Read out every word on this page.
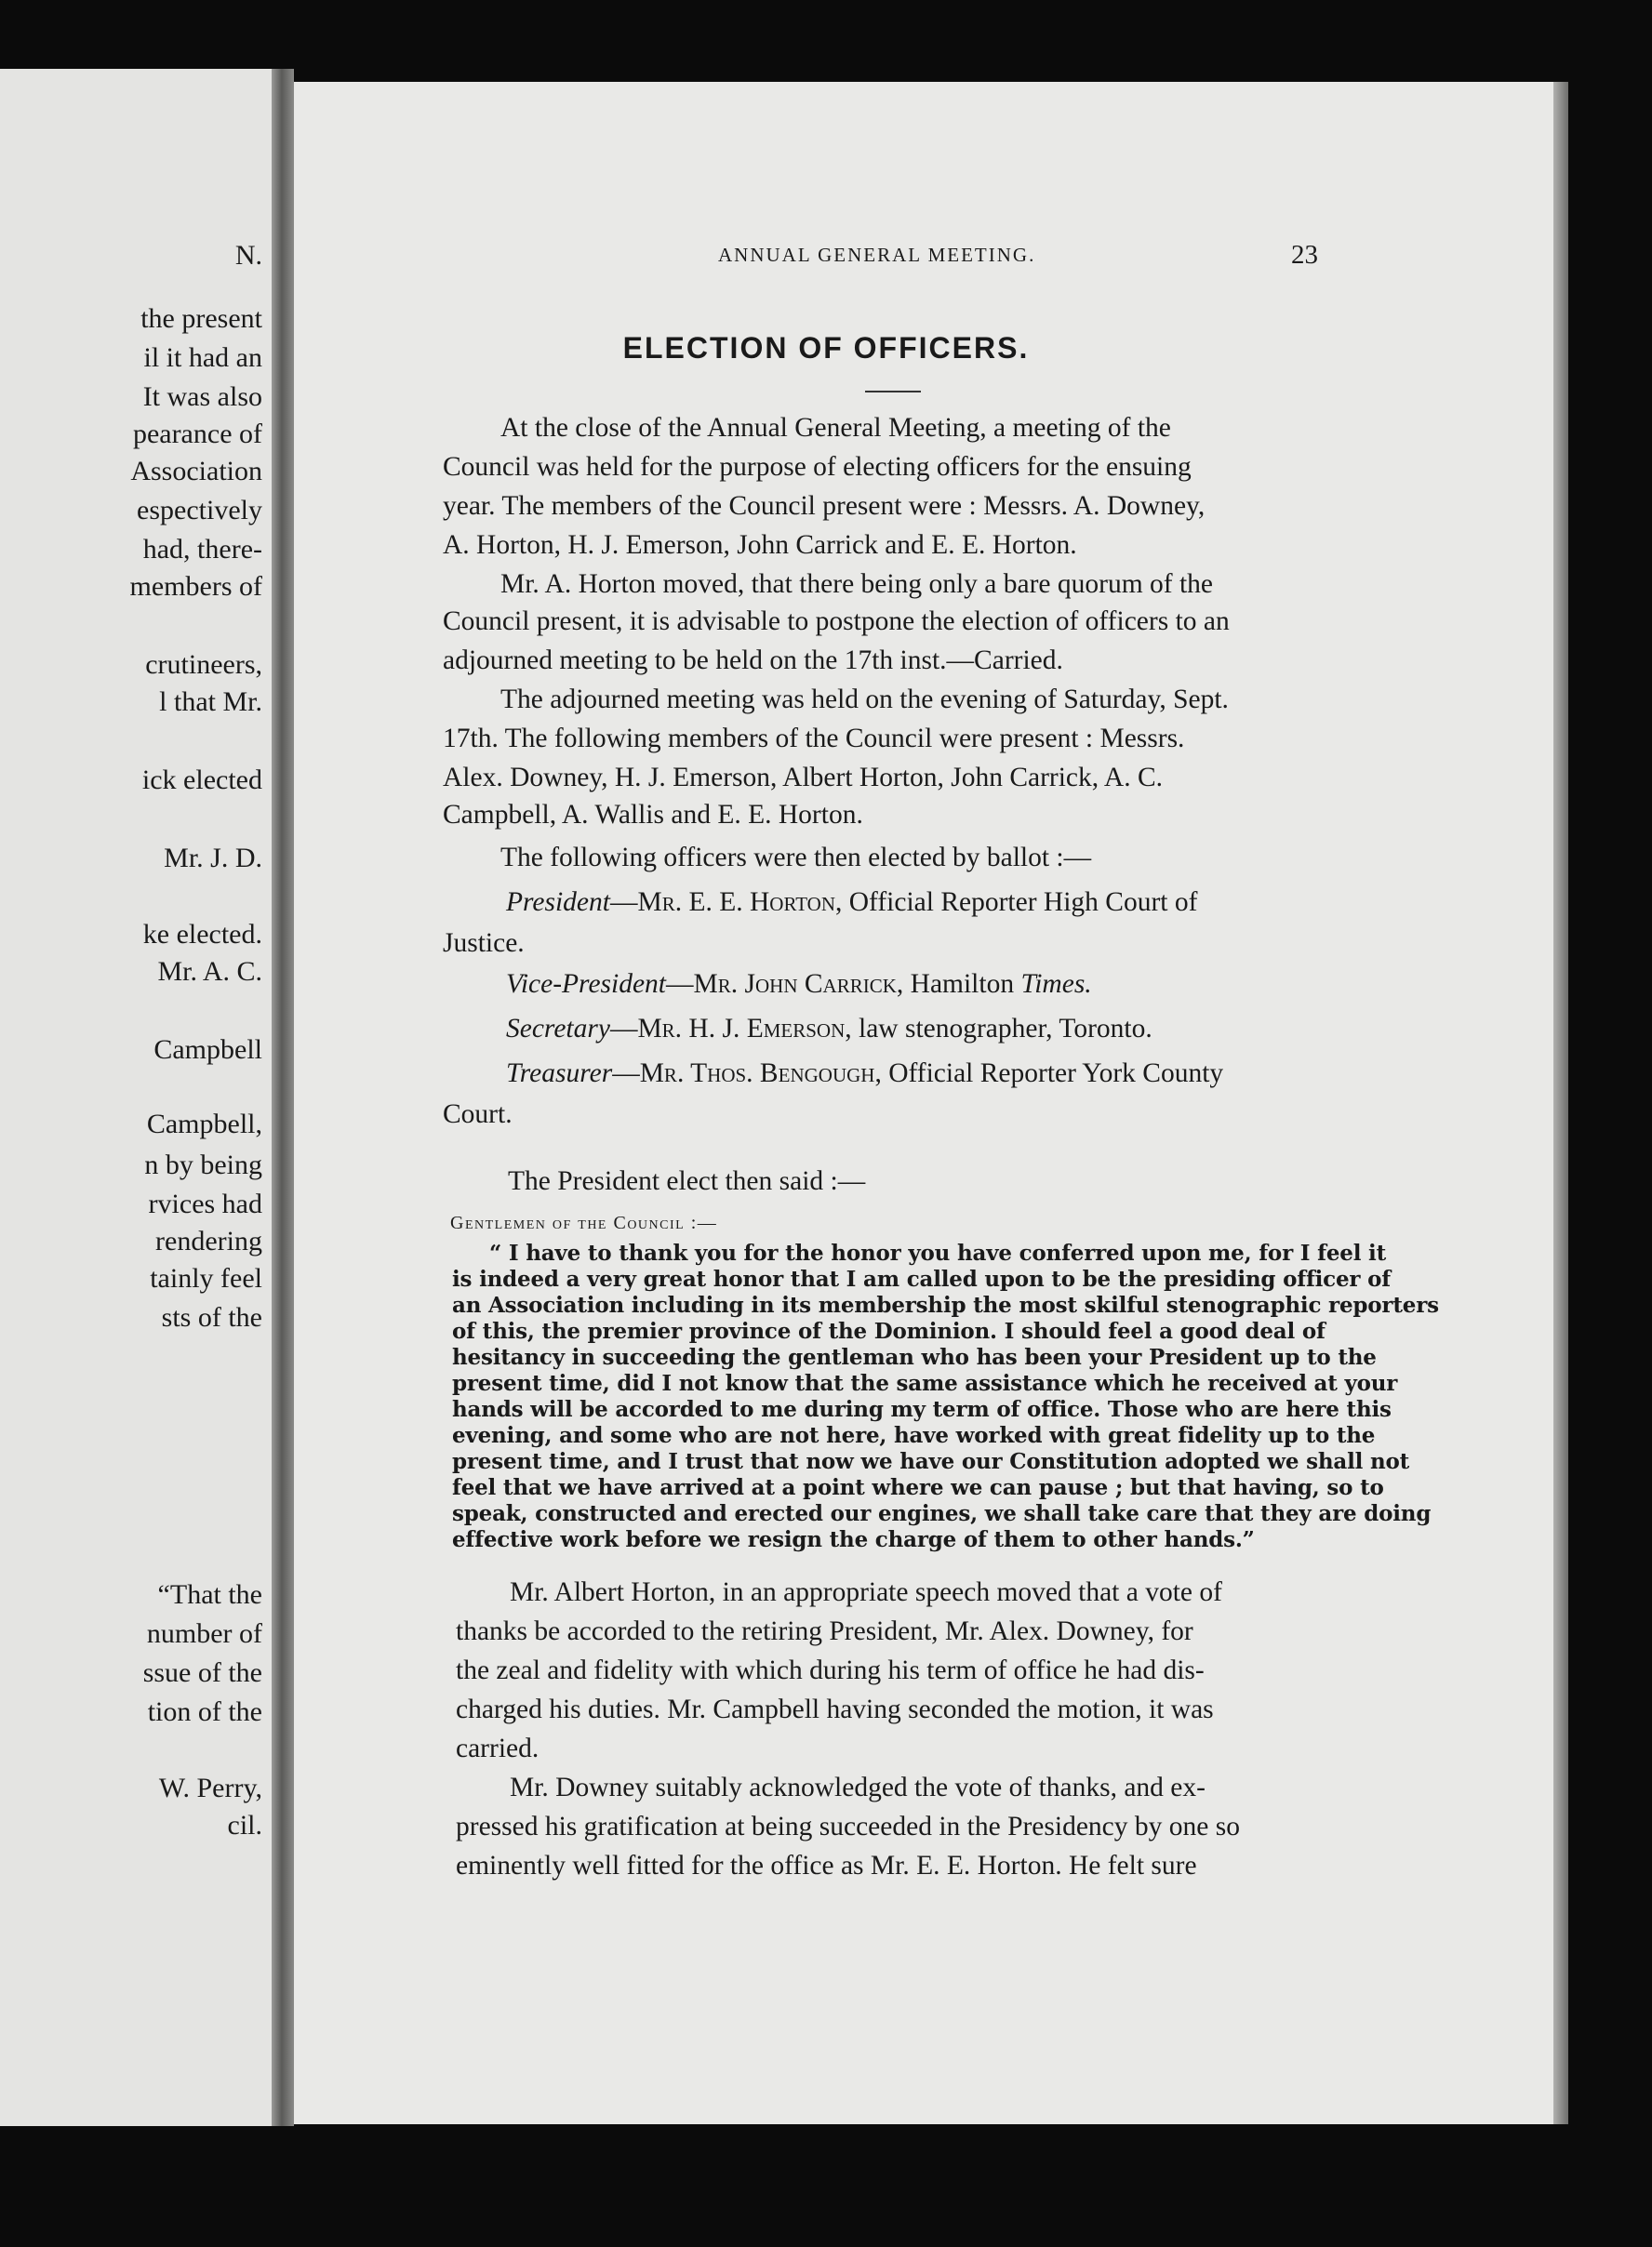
N.
the present
il it had an
It was also
pearance of
Association
espectively
had, there-
members of
crutineers,
l that Mr.
ick elected
Mr. J. D.
ke elected.
Mr. A. C.
Campbell
Campbell,
n by being
rvices had
rendering
tainly feel
sts of the
“That the
number of
ssue of the
tion of the
W. Perry,
cil.
ANNUAL GENERAL MEETING.	23
ELECTION OF OFFICERS.
At the close of the Annual General Meeting, a meeting of the
Council was held for the purpose of electing officers for the ensuing
year. The members of the Council present were : Messrs. A. Downey,
A. Horton, H. J. Emerson, John Carrick and E. E. Horton.
Mr. A. Horton moved, that there being only a bare quorum of the
Council present, it is advisable to postpone the election of officers to an
adjourned meeting to be held on the 17th inst.—Carried.
The adjourned meeting was held on the evening of Saturday, Sept.
17th. The following members of the Council were present : Messrs.
Alex. Downey, H. J. Emerson, Albert Horton, John Carrick, A. C.
Campbell, A. Wallis and E. E. Horton.
The following officers were then elected by ballot :—
President—Mr. E. E. Horton, Official Reporter High Court of
Vice-President—Mr. John Carrick, Hamilton Times.
Secretary—Mr. H. J. Emerson, law stenographer, Toronto.
Treasurer—Mr. Thos. Bengough, Official Reporter York County
Justice.
Court.
The President elect then said :—
Gentlemen of the Council :—
“ I have to thank you for the honor you have conferred upon me, for I feel it
is indeed a very great honor that I am called upon to be the presiding officer of
an Association including in its membership the most skilful stenographic reporters
of this, the premier province of the Dominion. I should feel a good deal of
hesitancy in succeeding the gentleman who has been your President up to the
present time, did I not know that the same assistance which he received at your
hands will be accorded to me during my term of office. Those who are here this
evening, and some who are not here, have worked with great fidelity up to the
present time, and I trust that now we have our Constitution adopted we shall not
feel that we have arrived at a point where we can pause ; but that having, so to
speak, constructed and erected our engines, we shall take care that they are doing
effective work before we resign the charge of them to other hands.”
Mr. Albert Horton, in an appropriate speech moved that a vote of
thanks be accorded to the retiring President, Mr. Alex. Downey, for
the zeal and fidelity with which during his term of office he had dis-
charged his duties. Mr. Campbell having seconded the motion, it was
carried.
Mr. Downey suitably acknowledged the vote of thanks, and ex-
pressed his gratification at being succeeded in the Presidency by one so
eminently well fitted for the office as Mr. E. E. Horton. He felt sure
